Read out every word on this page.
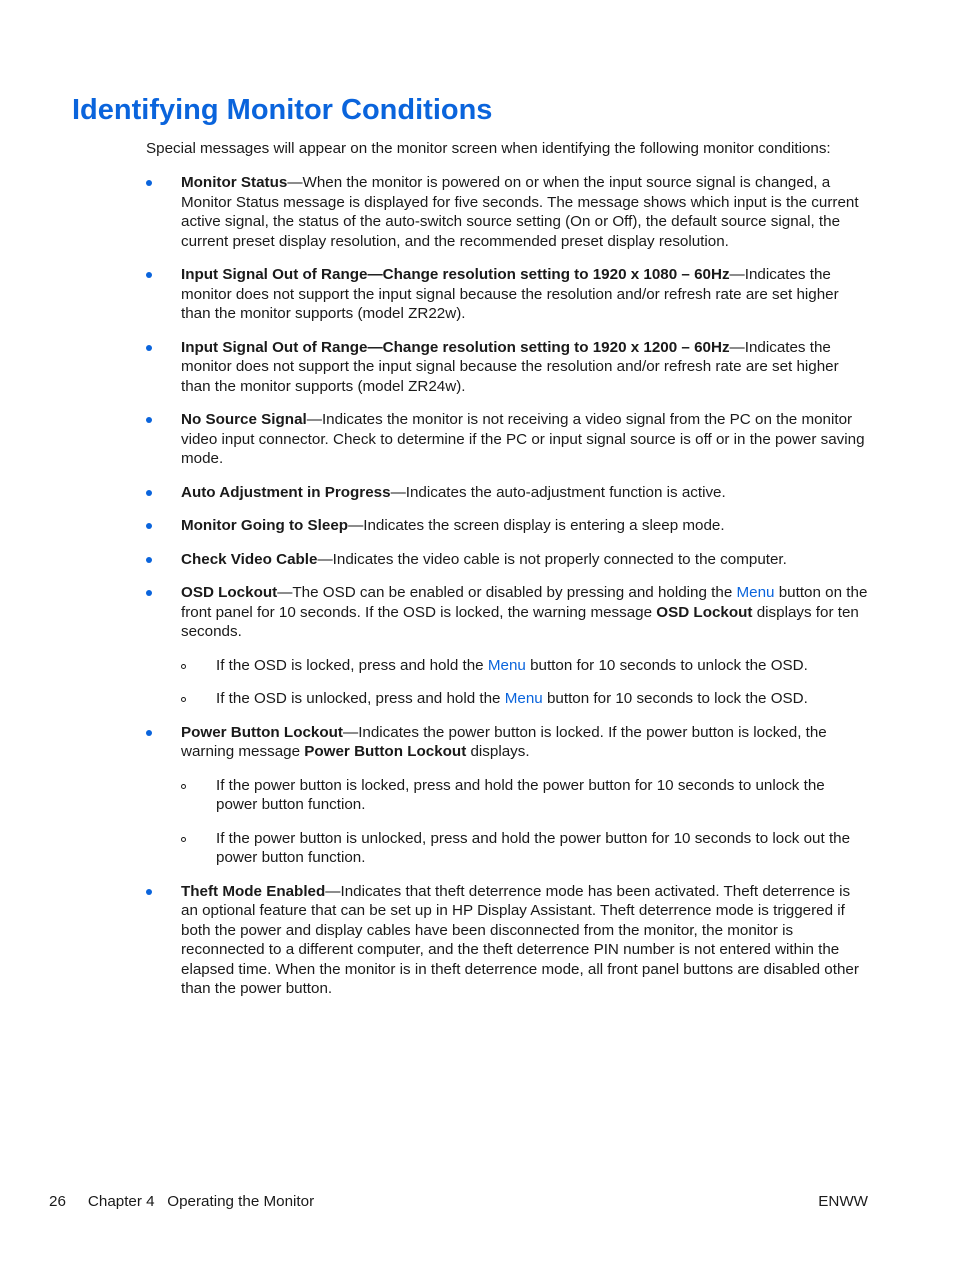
Identifying Monitor Conditions

Special messages will appear on the monitor screen when identifying the following monitor conditions:

Monitor Status—When the monitor is powered on or when the input source signal is changed, a Monitor Status message is displayed for five seconds. The message shows which input is the current active signal, the status of the auto-switch source setting (On or Off), the default source signal, the current preset display resolution, and the recommended preset display resolution.
Input Signal Out of Range—Change resolution setting to 1920 x 1080 – 60Hz—Indicates the monitor does not support the input signal because the resolution and/or refresh rate are set higher than the monitor supports (model ZR22w).
Input Signal Out of Range—Change resolution setting to 1920 x 1200 – 60Hz—Indicates the monitor does not support the input signal because the resolution and/or refresh rate are set higher than the monitor supports (model ZR24w).
No Source Signal—Indicates the monitor is not receiving a video signal from the PC on the monitor video input connector. Check to determine if the PC or input signal source is off or in the power saving mode.
Auto Adjustment in Progress—Indicates the auto-adjustment function is active.
Monitor Going to Sleep—Indicates the screen display is entering a sleep mode.
Check Video Cable—Indicates the video cable is not properly connected to the computer.
OSD Lockout—The OSD can be enabled or disabled by pressing and holding the Menu button on the front panel for 10 seconds. If the OSD is locked, the warning message OSD Lockout displays for ten seconds.
If the OSD is locked, press and hold the Menu button for 10 seconds to unlock the OSD.
If the OSD is unlocked, press and hold the Menu button for 10 seconds to lock the OSD.
Power Button Lockout—Indicates the power button is locked. If the power button is locked, the warning message Power Button Lockout displays.
If the power button is locked, press and hold the power button for 10 seconds to unlock the power button function.
If the power button is unlocked, press and hold the power button for 10 seconds to lock out the power button function.
Theft Mode Enabled—Indicates that theft deterrence mode has been activated. Theft deterrence is an optional feature that can be set up in HP Display Assistant. Theft deterrence mode is triggered if both the power and display cables have been disconnected from the monitor, the monitor is reconnected to a different computer, and the theft deterrence PIN number is not entered within the elapsed time. When the monitor is in theft deterrence mode, all front panel buttons are disabled other than the power button.
26 Chapter 4   Operating the Monitor	ENWW
